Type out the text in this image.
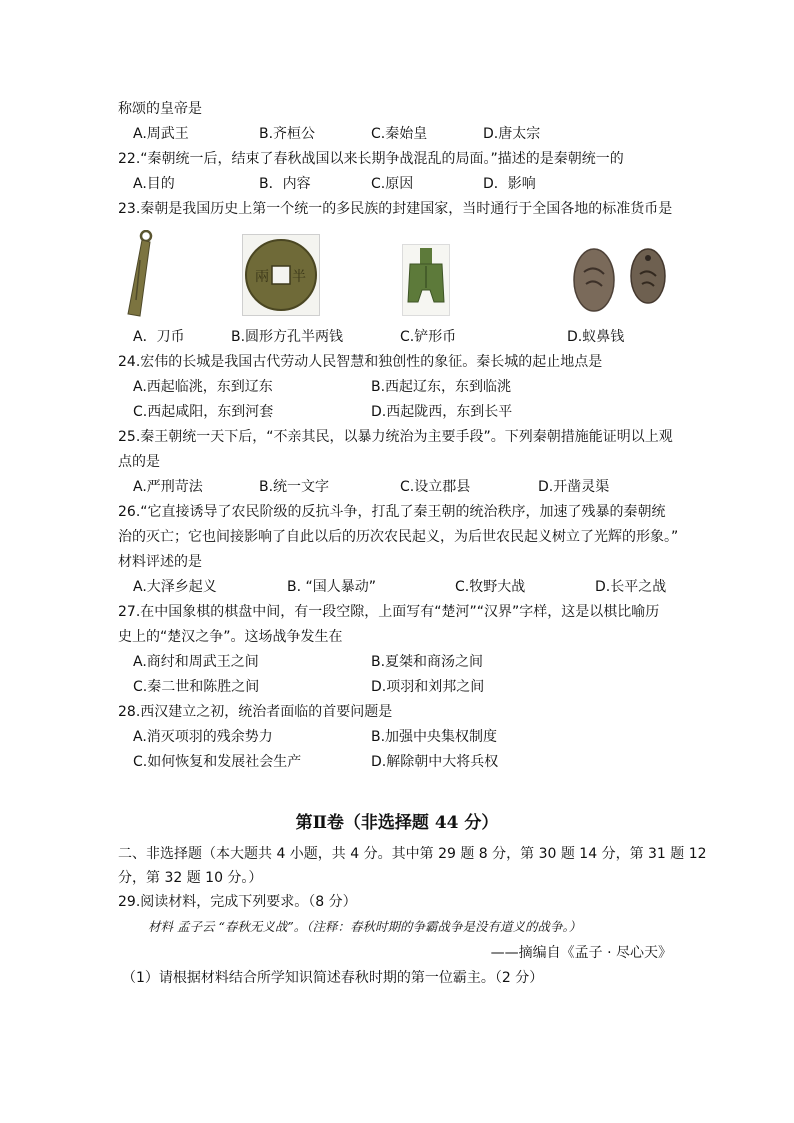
称颂的皇帝是
A.周武王	B.齐桓公	C.秦始皇	D.唐太宗
22.“秦朝统一后，结束了春秋战国以来长期争战混乱的局面。”描述的是秦朝统一的
A.目的	B．内容	C.原因	D．影响
23.秦朝是我国历史上第一个统一的多民族的封建国家，当时通行于全国各地的标准货币是
兩 半
A．刀币	B.圆形方孔半两钱	C.铲形币	D.蚁鼻钱
24.宏伟的长城是我国古代劳动人民智慧和独创性的象征。秦长城的起止地点是
A.西起临洮，东到辽东	B.西起辽东，东到临洮
C.西起咸阳，东到河套	D.西起陇西，东到长平
25.秦王朝统一天下后，“不亲其民，以暴力统治为主要手段”。下列秦朝措施能证明以上观
点的是
A.严刑苛法	B.统一文字	C.设立郡县	D.开凿灵渠
26.“它直接诱导了农民阶级的反抗斗争，打乱了秦王朝的统治秩序，加速了残暴的秦朝统
治的灭亡；它也间接影响了自此以后的历次农民起义，为后世农民起义树立了光辉的形象。”
材料评述的是
A.大泽乡起义	B. “国人暴动”	C.牧野大战	D.长平之战
27.在中国象棋的棋盘中间，有一段空隙，上面写有“楚河”“汉界”字样，这是以棋比喻历
史上的“楚汉之争”。这场战争发生在
A.商纣和周武王之间	B.夏桀和商汤之间
C.秦二世和陈胜之间	D.项羽和刘邦之间
28.西汉建立之初，统治者面临的首要问题是
A.消灭项羽的残余势力	B.加强中央集权制度
C.如何恢复和发展社会生产	D.解除朝中大将兵权
第Ⅱ卷（非选择题 44 分）
二、非选择题（本大题共 4 小题，共 4 分。其中第 29 题 8 分，第 30 题 14 分，第 31 题 12
分，第 32 题 10 分。）
29.阅读材料，完成下列要求。（8 分）
材料 孟子云 “春秋无义战”。（注释：春秋时期的争霸战争是没有道义的战争。）
——摘编自《孟子 · 尽心天》
（1）请根据材料结合所学知识简述春秋时期的第一位霸主。（2 分）
